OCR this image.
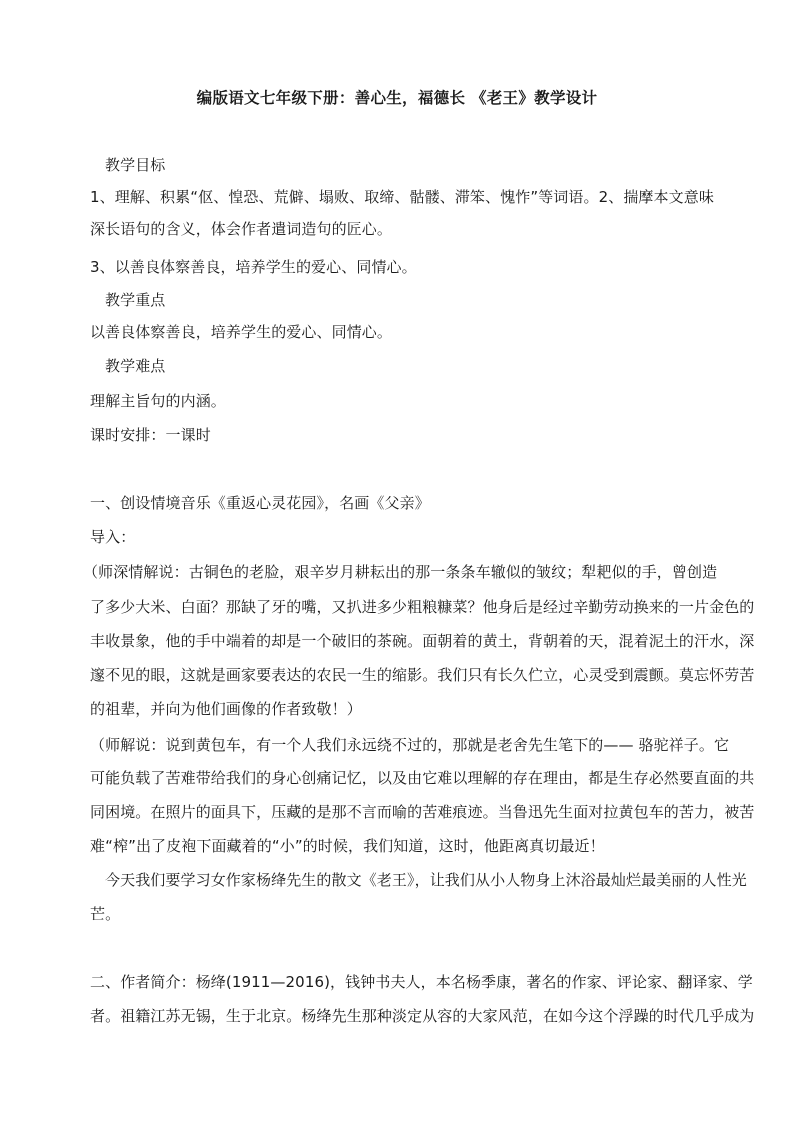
编版语文七年级下册：善心生，福德长 《老王》教学设计
教学目标
1、理解、积累“伛、惶恐、荒僻、塌败、取缔、骷髅、滞笨、愧怍”等词语。2、揣摩本文意味
深长语句的含义，体会作者遣词造句的匠心。
3、以善良体察善良，培养学生的爱心、同情心。
教学重点
以善良体察善良，培养学生的爱心、同情心。
教学难点
理解主旨句的内涵。
课时安排：一课时
一、创设情境音乐《重返心灵花园》，名画《父亲》
导入：
（师深情解说：古铜色的老脸，艰辛岁月耕耘出的那一条条车辙似的皱纹；犁耙似的手，曾创造
了多少大米、白面？那缺了牙的嘴，又扒进多少粗粮糠菜？他身后是经过辛勤劳动换来的一片金色的
丰收景象，他的手中端着的却是一个破旧的茶碗。面朝着的黄土，背朝着的天，混着泥土的汗水，深
邃不见的眼，这就是画家要表达的农民一生的缩影。我们只有长久伫立，心灵受到震颤。莫忘怀劳苦
的祖辈，并向为他们画像的作者致敬！）
（师解说：说到黄包车，有一个人我们永远绕不过的，那就是老舍先生笔下的—— 骆驼祥子。它
可能负载了苦难带给我们的身心创痛记忆，以及由它难以理解的存在理由，都是生存必然要直面的共
同困境。在照片的面具下，压藏的是那不言而喻的苦难痕迹。当鲁迅先生面对拉黄包车的苦力，被苦
难“榨”出了皮袍下面藏着的“小”的时候，我们知道，这时，他距离真切最近！
今天我们要学习女作家杨绛先生的散文《老王》，让我们从小人物身上沐浴最灿烂最美丽的人性光
芒。
二、作者简介：杨绛(1911—2016)，钱钟书夫人，本名杨季康，著名的作家、评论家、翻译家、学
者。祖籍江苏无锡，生于北京。杨绛先生那种淡定从容的大家风范，在如今这个浮躁的时代几乎成为
